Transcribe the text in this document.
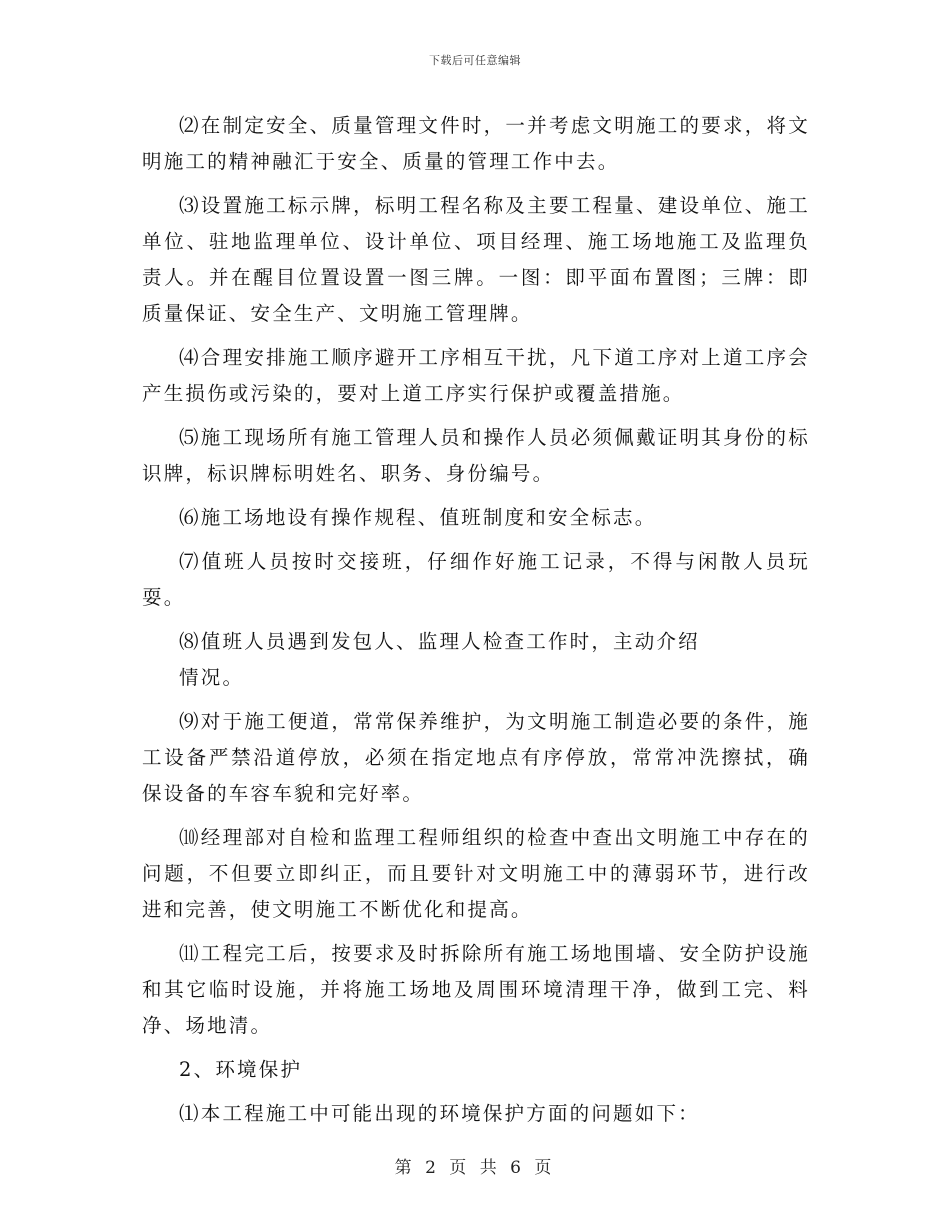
下载后可任意编辑

⑵在制定安全、质量管理文件时，一并考虑文明施工的要求，将文明施工的精神融汇于安全、质量的管理工作中去。

⑶设置施工标示牌，标明工程名称及主要工程量、建设单位、施工单位、驻地监理单位、设计单位、项目经理、施工场地施工及监理负责人。并在醒目位置设置一图三牌。一图：即平面布置图；三牌：即质量保证、安全生产、文明施工管理牌。

⑷合理安排施工顺序避开工序相互干扰，凡下道工序对上道工序会产生损伤或污染的，要对上道工序实行保护或覆盖措施。

⑸施工现场所有施工管理人员和操作人员必须佩戴证明其身份的标识牌，标识牌标明姓名、职务、身份编号。

⑹施工场地设有操作规程、值班制度和安全标志。

⑺值班人员按时交接班，仔细作好施工记录，不得与闲散人员玩耍。

⑻值班人员遇到发包人、监理人检查工作时，主动介绍
情况。

⑼对于施工便道，常常保养维护，为文明施工制造必要的条件，施工设备严禁沿道停放，必须在指定地点有序停放，常常冲洗擦拭，确保设备的车容车貌和完好率。

⑽经理部对自检和监理工程师组织的检查中查出文明施工中存在的问题，不但要立即纠正，而且要针对文明施工中的薄弱环节，进行改进和完善，使文明施工不断优化和提高。

⑾工程完工后，按要求及时拆除所有施工场地围墙、安全防护设施和其它临时设施，并将施工场地及周围环境清理干净，做到工完、料净、场地清。

2、环境保护

⑴本工程施工中可能出现的环境保护方面的问题如下：

第 2 页 共 6 页
